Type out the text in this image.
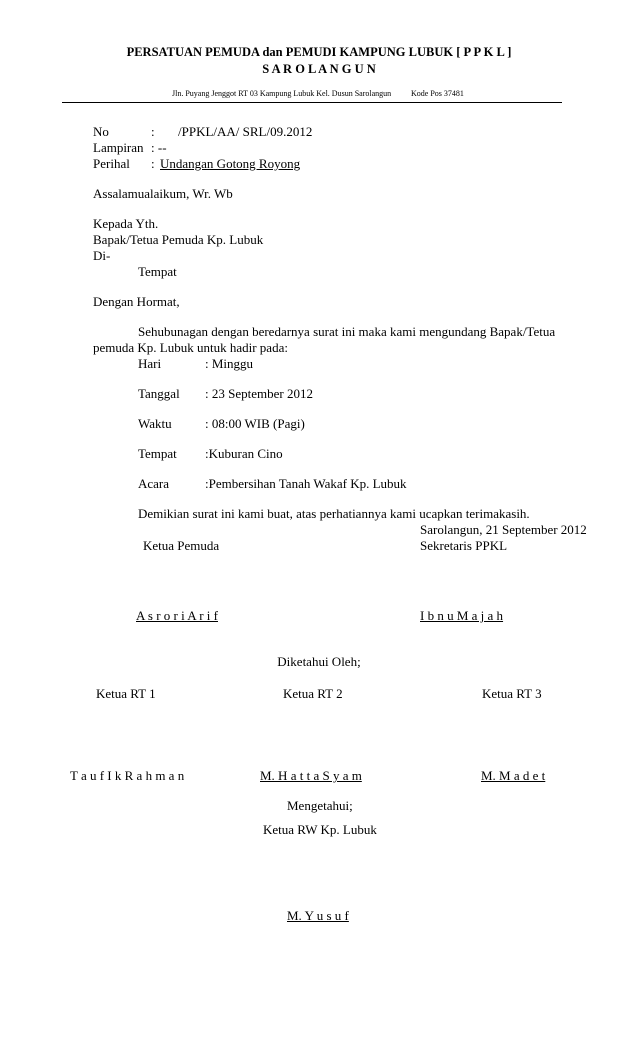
PERSATUAN PEMUDA dan PEMUDI KAMPUNG LUBUK [ P P K L ]
S A R O L A N G U N
Jln. Puyang Jenggot RT 03 Kampung Lubuk Kel. Dusun Sarolangun Kode Pos 37481
No	: /PPKL/AA/ SRL/09.2012
Lampiran : --
Perihal : Undangan Gotong Royong
Assalamualaikum, Wr. Wb
Kepada Yth.
Bapak/Tetua Pemuda Kp. Lubuk
Di-
Tempat
Dengan Hormat,
Sehubunagan dengan beredarnya surat ini maka kami mengundang Bapak/Tetua
pemuda Kp. Lubuk untuk hadir pada:
Hari	: Minggu
Tanggal : 23 September 2012
Waktu	: 08:00 WIB (Pagi)
Tempat :Kuburan Cino
Acara	:Pembersihan Tanah Wakaf Kp. Lubuk
Demikian surat ini kami buat, atas perhatiannya kami ucapkan terimakasih.
Sarolangun, 21 September 2012
Ketua Pemuda	Sekretaris PPKL
A s r o r i A r i f	I b n u M a j a h
Diketahui Oleh;
Ketua RT 1	Ketua RT 2	Ketua RT 3
T a u f I k R a h m a n	M. H a t t a S y a m	M. M a d e t
Mengetahui;
Ketua RW Kp. Lubuk
M. Y u s u f
